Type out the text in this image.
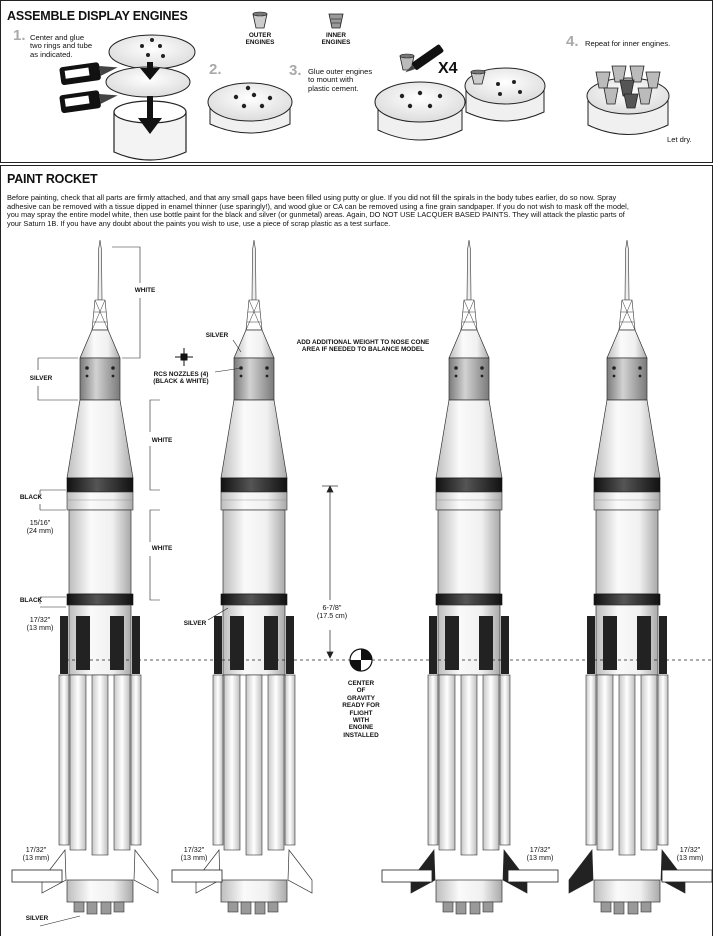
ASSEMBLE DISPLAY ENGINES
1. Center and glue
two rings and tube
as indicated.
2.	3. Glue outer engines
to mount with
plastic cement.
4. Repeat for inner engines.
OUTER
ENGINES
INNER
ENGINES
X4
Let dry.
PAINT ROCKET

Before painting, check that all parts are firmly attached, and that any small gaps have been filled using putty or glue. If you did not fill the spirals in the body tubes earlier, do so now. Spray

adhesive can be removed with a tissue dipped in enamel thinner (use sparingly!), and wood glue or CA can be removed using a fine grain sandpaper. If you do not wish to mask off the model,

you may spray the entire model white, then use bottle paint for the black and silver (or gunmetal) areas. Again, DO NOT USE LACQUER BASED PAINTS. They will attack the plastic parts of

your Saturn 1B. If you have any doubt about the paints you wish to use, use a piece of scrap plastic as a test surface.

WHITE
SILVER
WHITE
BLACK
15/16"
(24 mm)
WHITE
BLACK
17/32"
(13 mm)
SILVER
RCS NOZZLES (4)
(BLACK & WHITE)
ADD ADDITIONAL WEIGHT TO NOSE CONE
AREA IF NEEDED TO BALANCE MODEL
SILVER
6-7/8"
(17.5 cm)
CENTER
OF
GRAVITY
READY FOR
FLIGHT
WITH
ENGINE
INSTALLED
17/32"
(13 mm)
17/32"
(13 mm)
17/32"
(13 mm)
17/32"
(13 mm)
SILVER
